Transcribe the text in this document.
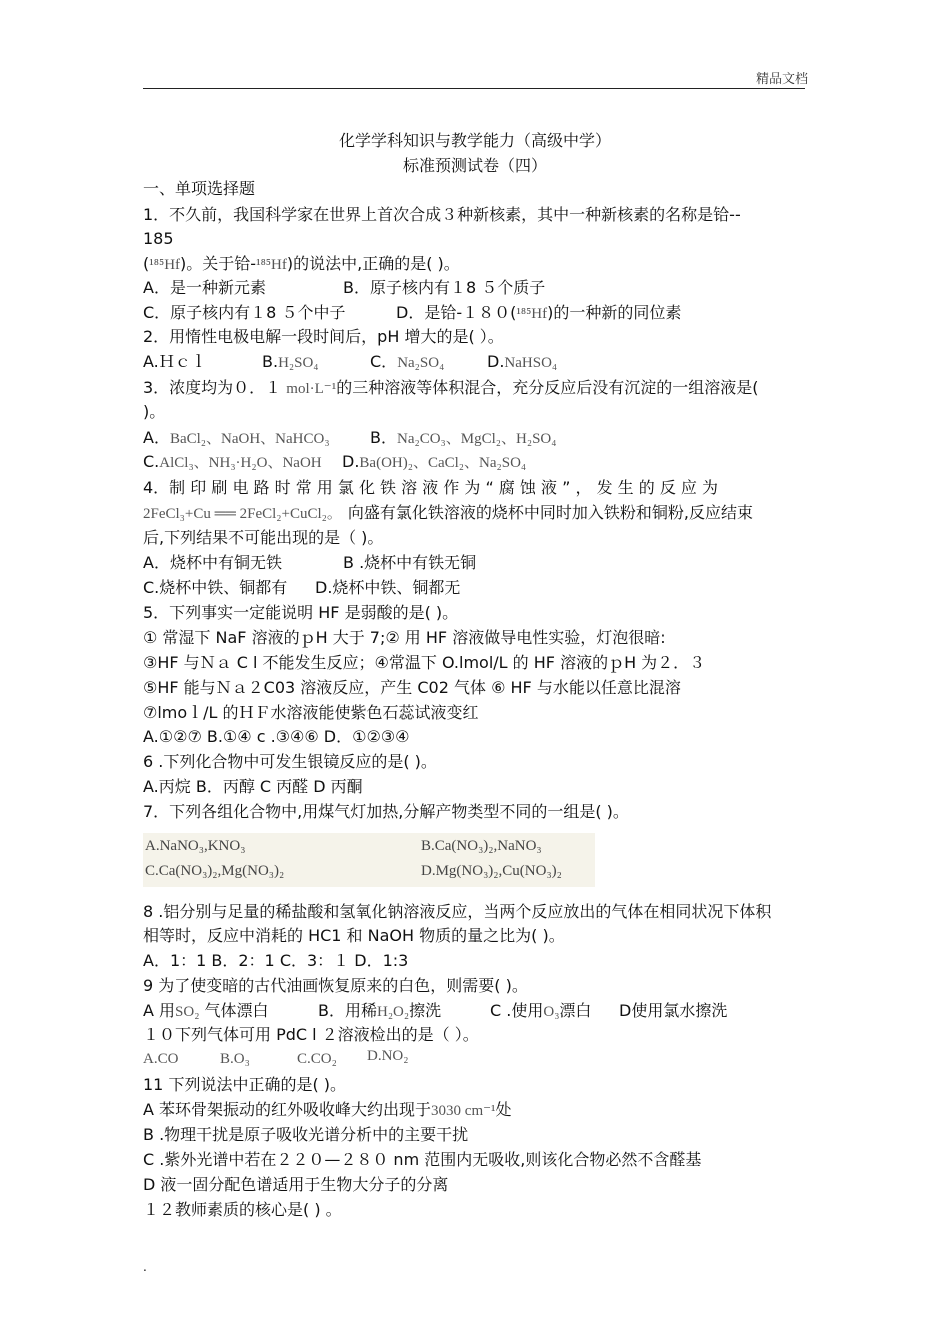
精品文档
化学学科知识与教学能力（高级中学）
标准预测试卷（四）
一、单项选择题
1．不久前，我国科学家在世界上首次合成３种新核素，其中一种新核素的名称是铪--
185
(¹⁸⁵Hf)。关于铪-¹⁸⁵Hf)的说法中,正确的是( )。
A．是一种新元素	B．原子核内有１8 ５个质子
C．原子核内有１8 ５个中子	D．是铪-１８０(¹⁸⁵Hf)的一种新的同位素
2．用惰性电极电解一段时间后，pH 增大的是( ）。
A.Ｈｃｌ	B.H₂SO₄	C．Na₂SO₄	D.NaHSO₄
3．浓度均为０．１ mol·L⁻¹的三种溶液等体积混合，充分反应后没有沉淀的一组溶液是(
)。
A．BaCl₂、NaOH、NaHCO₃	B．Na₂CO₃、MgCl₂、H₂SO₄
C.AlCl₃、NH₃·H₂O、NaOH D.Ba(OH)₂、CaCl₂、Na₂SO₄
4．制 印 刷 电 路 时 常 用 氯 化 铁 溶 液 作 为 “ 腐 蚀 液 ” ， 发 生 的 反 应 为
2FeCl₃+Cu ══ 2FeCl₂+CuCl₂。 向盛有氯化铁溶液的烧杯中同时加入铁粉和铜粉,反应结束
后,下列结果不可能出现的是（ )。
A．烧杯中有铜无铁	B .烧杯中有铁无铜
C.烧杯中铁、铜都有 D.烧杯中铁、铜都无
5．下列事实一定能说明 HF 是弱酸的是( )。
① 常湿下 NaF 溶液的ｐH 大于 7;② 用 HF 溶液做导电性实验，灯泡很暗:
③HF 与Ｎａ C l 不能发生反应；④常温下 O.lmol/L 的 HF 溶液的ｐH 为２．３
⑤HF 能与Ｎａ２C03 溶液反应，产生 C02 气体 ⑥ HF 与水能以任意比混溶
⑦lmoｌ/L 的ＨＦ水溶液能使紫色石蕊试液变红
A.①②⑦ B.①④ c .③④⑥ D．①②③④
6 .下列化合物中可发生银镜反应的是( )。
A.丙烷 B．丙醇 C 丙醛 D 丙酮
7．下列各组化合物中,用煤气灯加热,分解产物类型不同的一组是( )。
A.NaNO₃,KNO₃	B.Ca(NO₃)₂,NaNO₃
C.Ca(NO₃)₂,Mg(NO₃)₂	D.Mg(NO₃)₂,Cu(NO₃)₂
8 .铝分别与足量的稀盐酸和氢氧化钠溶液反应，当两个反应放出的气体在相同状况下体积
相等时，反应中消耗的 HC1 和 NaOH 物质的量之比为( )。
A．1：1 B．2：1 C．3：１ D．1:3
9 为了使变暗的古代油画恢复原来的白色，则需要( )。
A 用SO₂ 气体漂白	B．用稀H₂O₂擦洗	C .使用O₃漂白 D使用氯水擦洗
１０下列气体可用 PdC l ２溶液检出的是（ ）。
A.CO	B.O₃	C.CO₂ D.NO₂
11 下列说法中正确的是( )。
A 苯环骨架振动的红外吸收峰大约出现于3030 cm⁻¹处
B .物理干扰是原子吸收光谱分析中的主要干扰
C .紫外光谱中若在２２０—２８０ nm 范围内无吸收,则该化合物必然不含醛基
D 液一固分配色谱适用于生物大分子的分离
１２教师素质的核心是( ) 。
.
